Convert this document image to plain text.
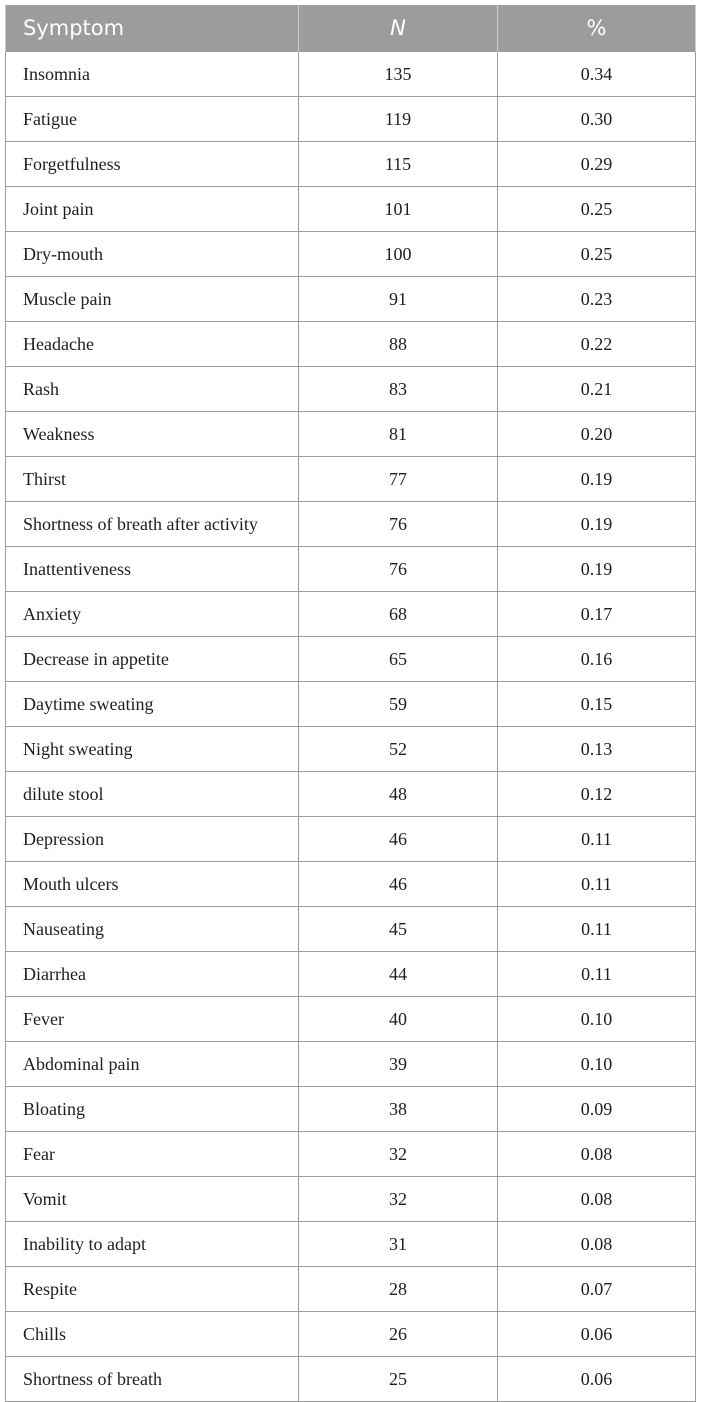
Symptom	N	%
Insomnia	135	0.34
Fatigue	119	0.30
Forgetfulness	115	0.29
Joint pain	101	0.25
Dry-mouth	100	0.25
Muscle pain	91	0.23
Headache	88	0.22
Rash	83	0.21
Weakness	81	0.20
Thirst	77	0.19
Shortness of breath after activity	76	0.19
Inattentiveness	76	0.19
Anxiety	68	0.17
Decrease in appetite	65	0.16
Daytime sweating	59	0.15
Night sweating	52	0.13
dilute stool	48	0.12
Depression	46	0.11
Mouth ulcers	46	0.11
Nauseating	45	0.11
Diarrhea	44	0.11
Fever	40	0.10
Abdominal pain	39	0.10
Bloating	38	0.09
Fear	32	0.08
Vomit	32	0.08
Inability to adapt	31	0.08
Respite	28	0.07
Chills	26	0.06
Shortness of breath	25	0.06
